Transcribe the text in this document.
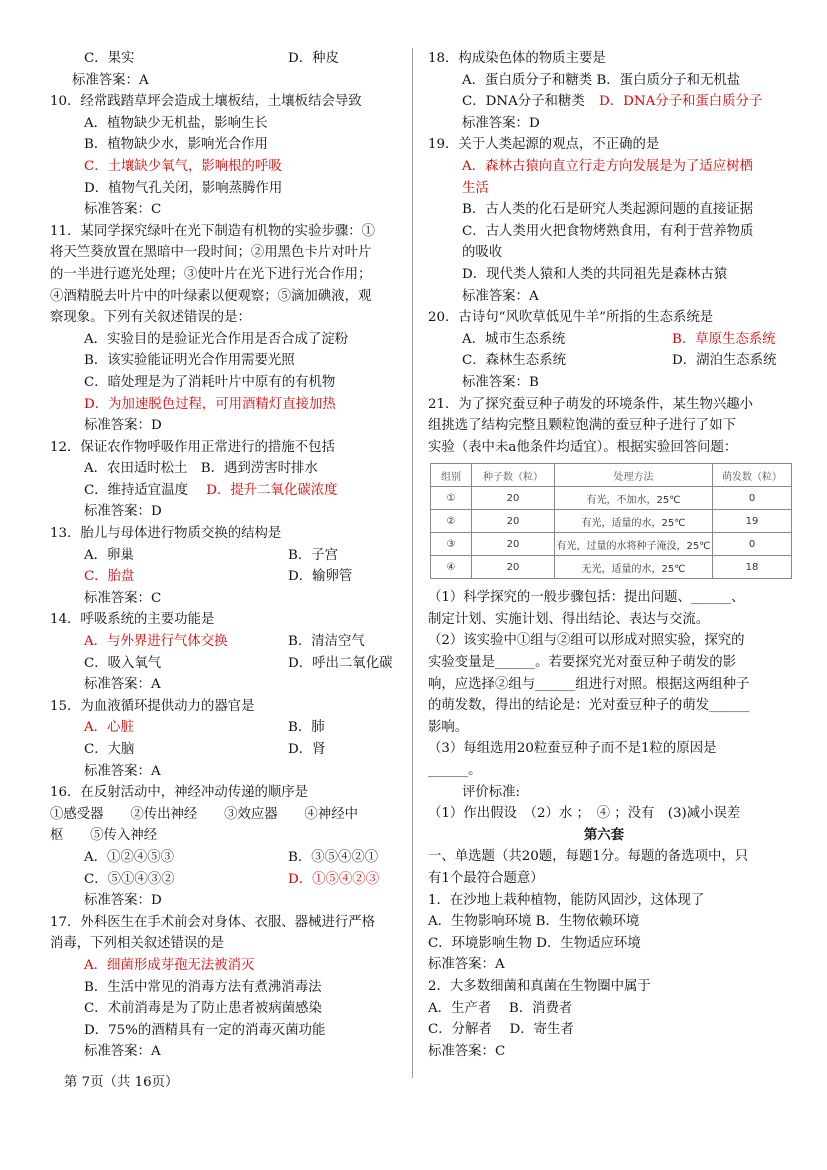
C．果实	D．种皮
标准答案：A
10．经常践踏草坪会造成土壤板结，土壤板结会导致
A．植物缺少无机盐，影响生长
B．植物缺少水，影响光合作用
C．土壤缺少氧气，影响根的呼吸
D．植物气孔关闭，影响蒸腾作用
标准答案：C
11．某同学探究绿叶在光下制造有机物的实验步骤：①
将天竺葵放置在黑暗中一段时间；②用黑色卡片对叶片
的一半进行遮光处理；③使叶片在光下进行光合作用；
④酒精脱去叶片中的叶绿素以便观察；⑤滴加碘液，观
察现象。下列有关叙述错误的是：
A．实验目的是验证光合作用是否合成了淀粉
B．该实验能证明光合作用需要光照
C．暗处理是为了消耗叶片中原有的有机物
D．为加速脱色过程，可用酒精灯直接加热
标准答案：D
12．保证农作物呼吸作用正常进行的措施不包括
A．农田适时松土　B．遇到涝害时排水
C．维持适宜温度 D．提升二氧化碳浓度
标准答案：D
13．胎儿与母体进行物质交换的结构是
A．卵巢	B．子宫
C．胎盘	D．输卵管
标准答案：C
14．呼吸系统的主要功能是
A．与外界进行气体交换	B．清洁空气
C．吸入氧气	D．呼出二氧化碳
标准答案：A
15．为血液循环提供动力的器官是
A．心脏	B．肺
C．大脑	D．肾
标准答案：A
16．在反射活动中，神经冲动传递的顺序是
①感受器　　②传出神经　　③效应器　　④神经中
枢　　⑤传入神经
A．①②④⑤③	B．③⑤④②①
C．⑤①④③②	D．①⑤④②③
标准答案：D
17．外科医生在手术前会对身体、衣服、器械进行严格
消毒，下列相关叙述错误的是
A．细菌形成芽孢无法被消灭
B．生活中常见的消毒方法有煮沸消毒法
C．术前消毒是为了防止患者被病菌感染
D．75%的酒精具有一定的消毒灭菌功能
标准答案：A
第 7页（共 16页）
18．构成染色体的物质主要是
A．蛋白质分子和糖类 B．蛋白质分子和无机盐
C．DNA分子和糖类 D．DNA分子和蛋白质分子
标准答案：D
19．关于人类起源的观点，不正确的是
A．森林古猿向直立行走方向发展是为了适应树栖
生活
B．古人类的化石是研究人类起源问题的直接证据
C．古人类用火把食物烤熟食用，有利于营养物质
的吸收
D．现代类人猿和人类的共同祖先是森林古猿
标准答案：A
20．古诗句“风吹草低见牛羊”所指的生态系统是
A．城市生态系统	B．草原生态系统
C．森林生态系统	D．湖泊生态系统
标准答案：B
21．为了探究蚕豆种子萌发的环境条件，某生物兴趣小
组挑选了结构完整且颗粒饱满的蚕豆种子进行了如下
实验（表中未a他条件均适宜）。根据实验回答问题：
组别	种子数（粒）	处理方法	萌发数（粒）
①	20	有光，不加水，25℃	0
②	20	有光，适量的水，25℃	19
③	20	有光，过量的水将种子淹没，25℃	0
④	20	无光，适量的水，25℃	18
（1）科学探究的一般步骤包括：提出问题、______、
制定计划、实施计划、得出结论、表达与交流。
（2）该实验中①组与②组可以形成对照实验，探究的
实验变量是______。若要探究光对蚕豆种子萌发的影
响，应选择②组与______组进行对照。根据这两组种子
的萌发数，得出的结论是：光对蚕豆种子的萌发______
影响。
（3）每组选用20粒蚕豆种子而不是1粒的原因是
______。
评价标准:
（1）作出假设　（2）水 ；　④ ；没有　(3)减小误差
第六套
一、单选题（共20题，每题1分。每题的备选项中，只
有1个最符合题意）
1．在沙地上栽种植物，能防风固沙，这体现了
A．生物影响环境 B．生物依赖环境
C．环境影响生物 D．生物适应环境
标准答案：A
2．大多数细菌和真菌在生物圈中属于
A．生产者　 B．消费者
C．分解者　 D．寄生者
标准答案：C
